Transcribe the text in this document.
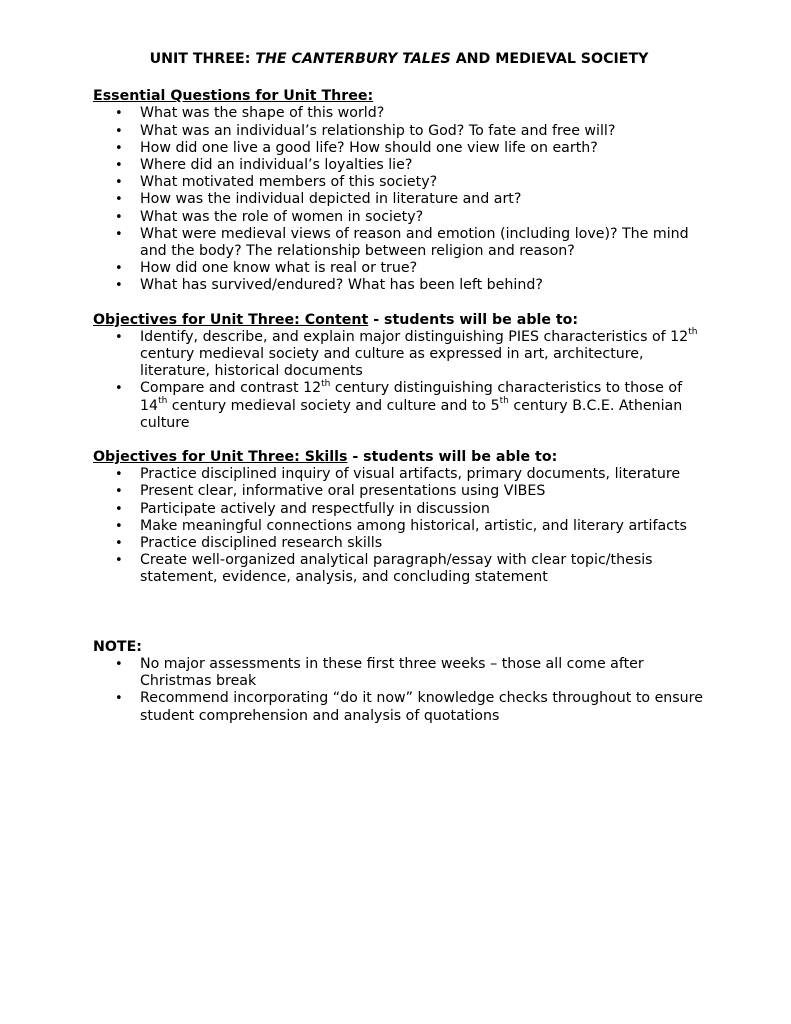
UNIT THREE: THE CANTERBURY TALES AND MEDIEVAL SOCIETY
Essential Questions for Unit Three:
• What was the shape of this world?
• What was an individual’s relationship to God? To fate and free will?
• How did one live a good life? How should one view life on earth?
• Where did an individual’s loyalties lie?
• What motivated members of this society?
• How was the individual depicted in literature and art?
• What was the role of women in society?
• What were medieval views of reason and emotion (including love)? The mind and the body? The relationship between religion and reason?
• How did one know what is real or true?
• What has survived/endured? What has been left behind?
Objectives for Unit Three: Content - students will be able to:
• Identify, describe, and explain major distinguishing PIES characteristics of 12th century medieval society and culture as expressed in art, architecture, literature, historical documents
• Compare and contrast 12th century distinguishing characteristics to those of 14th century medieval society and culture and to 5th century B.C.E. Athenian culture
Objectives for Unit Three: Skills - students will be able to:
• Practice disciplined inquiry of visual artifacts, primary documents, literature
• Present clear, informative oral presentations using VIBES
• Participate actively and respectfully in discussion
• Make meaningful connections among historical, artistic, and literary artifacts
• Practice disciplined research skills
• Create well-organized analytical paragraph/essay with clear topic/thesis statement, evidence, analysis, and concluding statement
NOTE:
• No major assessments in these first three weeks – those all come after Christmas break
• Recommend incorporating “do it now” knowledge checks throughout to ensure student comprehension and analysis of quotations
